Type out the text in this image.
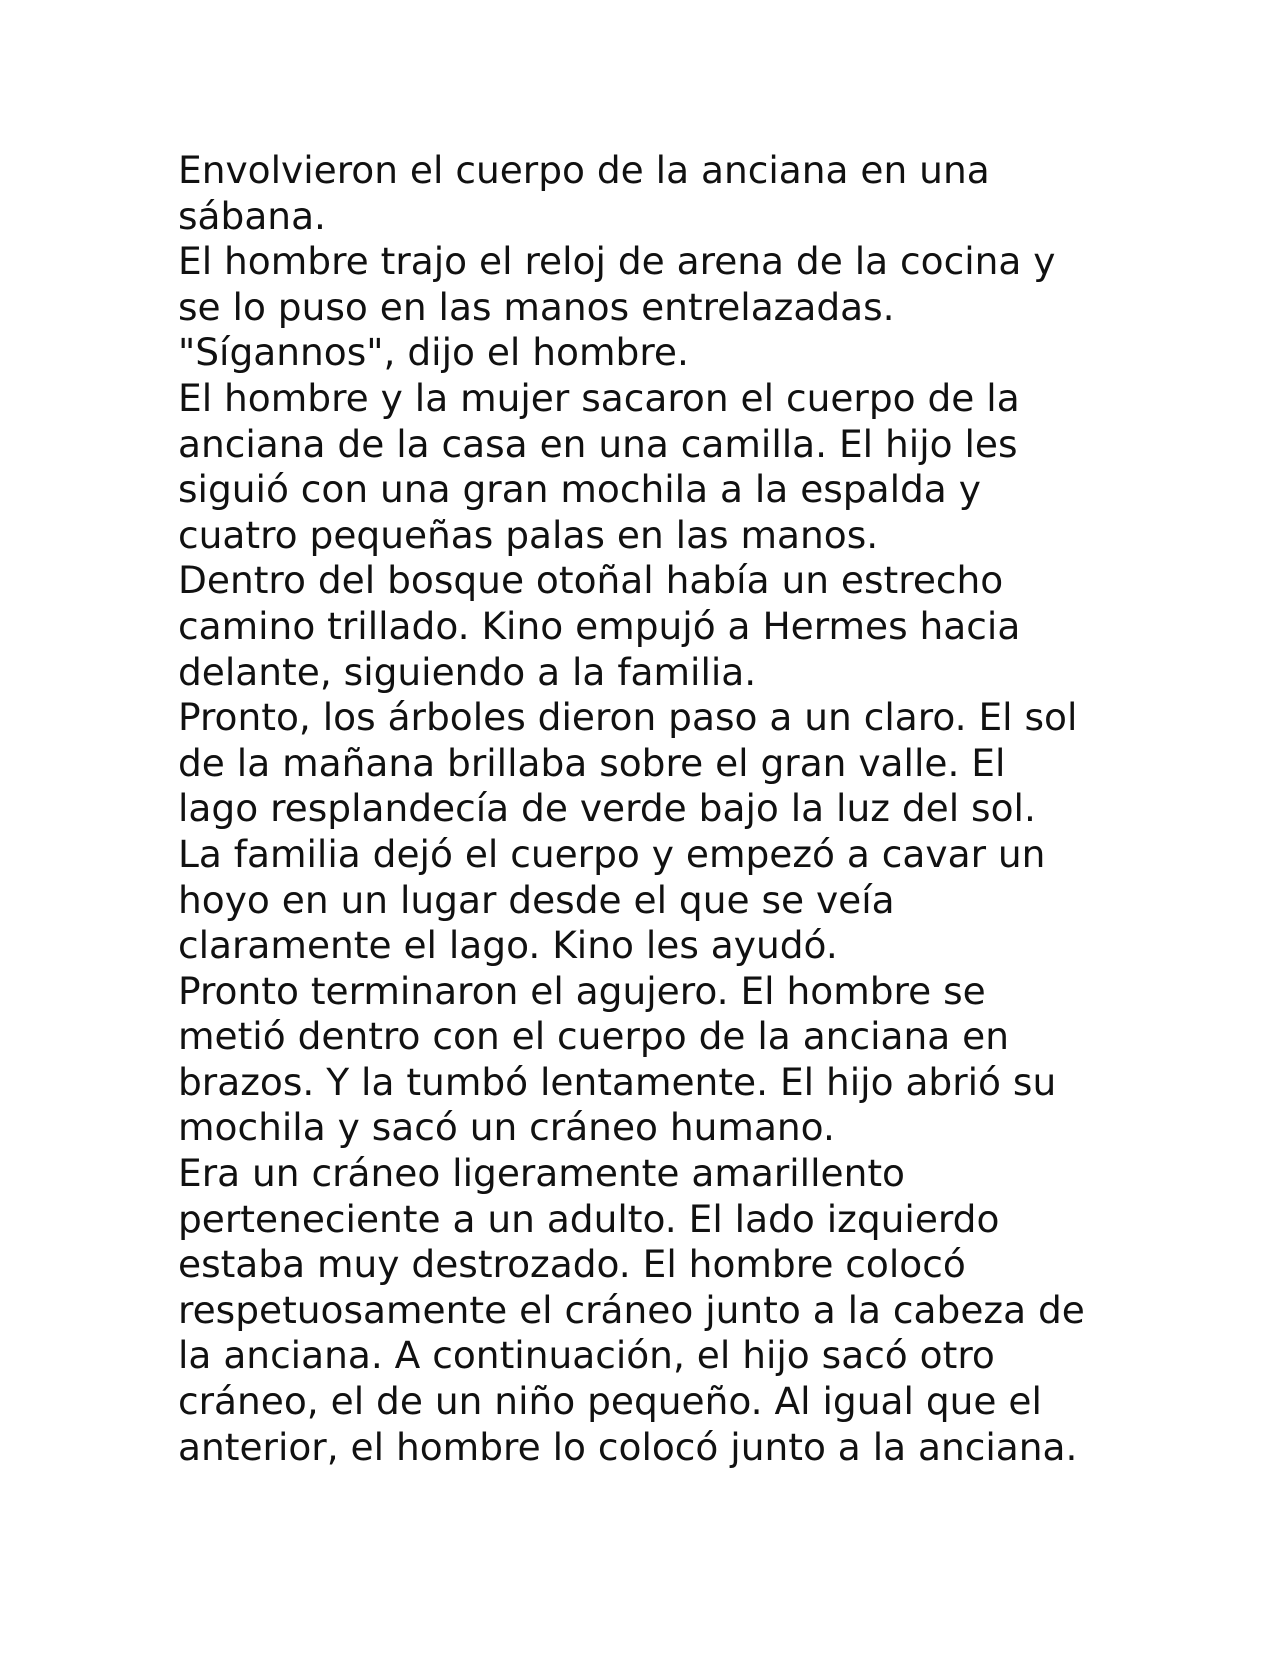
Envolvieron el cuerpo de la anciana en una
sábana.
El hombre trajo el reloj de arena de la cocina y
se lo puso en las manos entrelazadas.
"Sígannos", dijo el hombre.
El hombre y la mujer sacaron el cuerpo de la
anciana de la casa en una camilla. El hijo les
siguió con una gran mochila a la espalda y
cuatro pequeñas palas en las manos.
Dentro del bosque otoñal había un estrecho
camino trillado. Kino empujó a Hermes hacia
delante, siguiendo a la familia.
Pronto, los árboles dieron paso a un claro. El sol
de la mañana brillaba sobre el gran valle. El
lago resplandecía de verde bajo la luz del sol.
La familia dejó el cuerpo y empezó a cavar un
hoyo en un lugar desde el que se veía
claramente el lago. Kino les ayudó.
Pronto terminaron el agujero. El hombre se
metió dentro con el cuerpo de la anciana en
brazos. Y la tumbó lentamente. El hijo abrió su
mochila y sacó un cráneo humano.
Era un cráneo ligeramente amarillento
perteneciente a un adulto. El lado izquierdo
estaba muy destrozado. El hombre colocó
respetuosamente el cráneo junto a la cabeza de
la anciana. A continuación, el hijo sacó otro
cráneo, el de un niño pequeño. Al igual que el
anterior, el hombre lo colocó junto a la anciana.
